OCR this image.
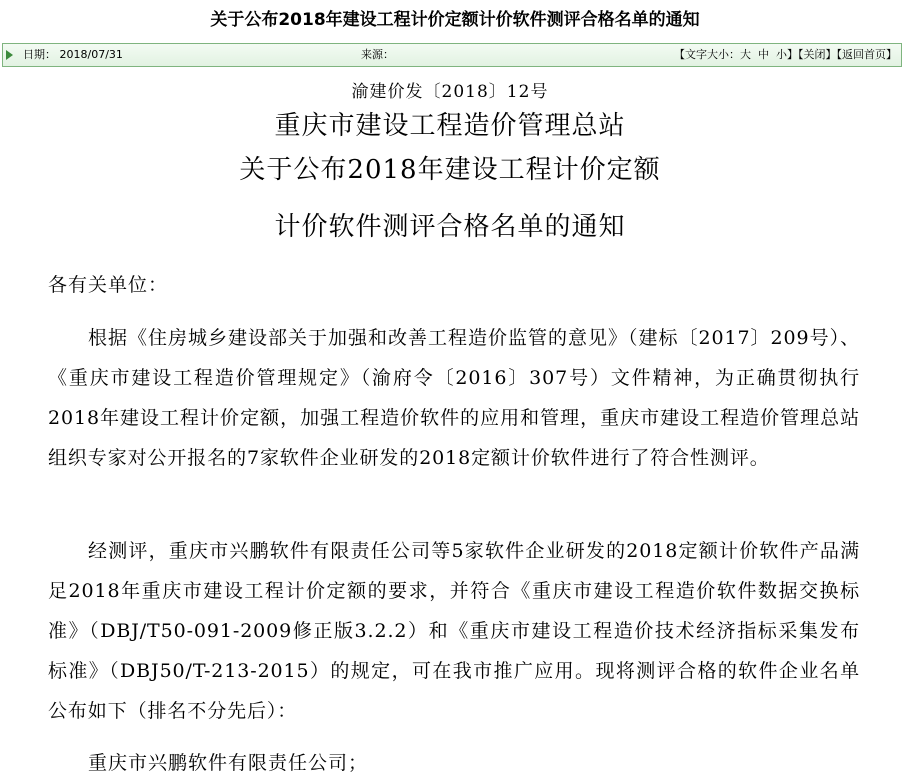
关于公布2018年建设工程计价定额计价软件测评合格名单的通知
日期： 2018/07/31	来源：	【文字大小：大 中 小】【关闭】【返回首页】
渝建价发〔2018〕12号
重庆市建设工程造价管理总站
关于公布2018年建设工程计价定额
计价软件测评合格名单的通知
各有关单位：
根据《住房城乡建设部关于加强和改善工程造价监管的意见》（建标〔2017〕209号）、《重庆市建设工程造价管理规定》（渝府令〔2016〕307号）文件精神，为正确贯彻执行2018年建设工程计价定额，加强工程造价软件的应用和管理，重庆市建设工程造价管理总站组织专家对公开报名的7家软件企业研发的2018定额计价软件进行了符合性测评。
经测评，重庆市兴鹏软件有限责任公司等5家软件企业研发的2018定额计价软件产品满足2018年重庆市建设工程计价定额的要求，并符合《重庆市建设工程造价软件数据交换标准》（DBJ/T50-091-2009修正版3.2.2）和《重庆市建设工程造价技术经济指标采集发布标准》（DBJ50/T-213-2015）的规定，可在我市推广应用。现将测评合格的软件企业名单公布如下（排名不分先后）：
重庆市兴鹏软件有限责任公司；
